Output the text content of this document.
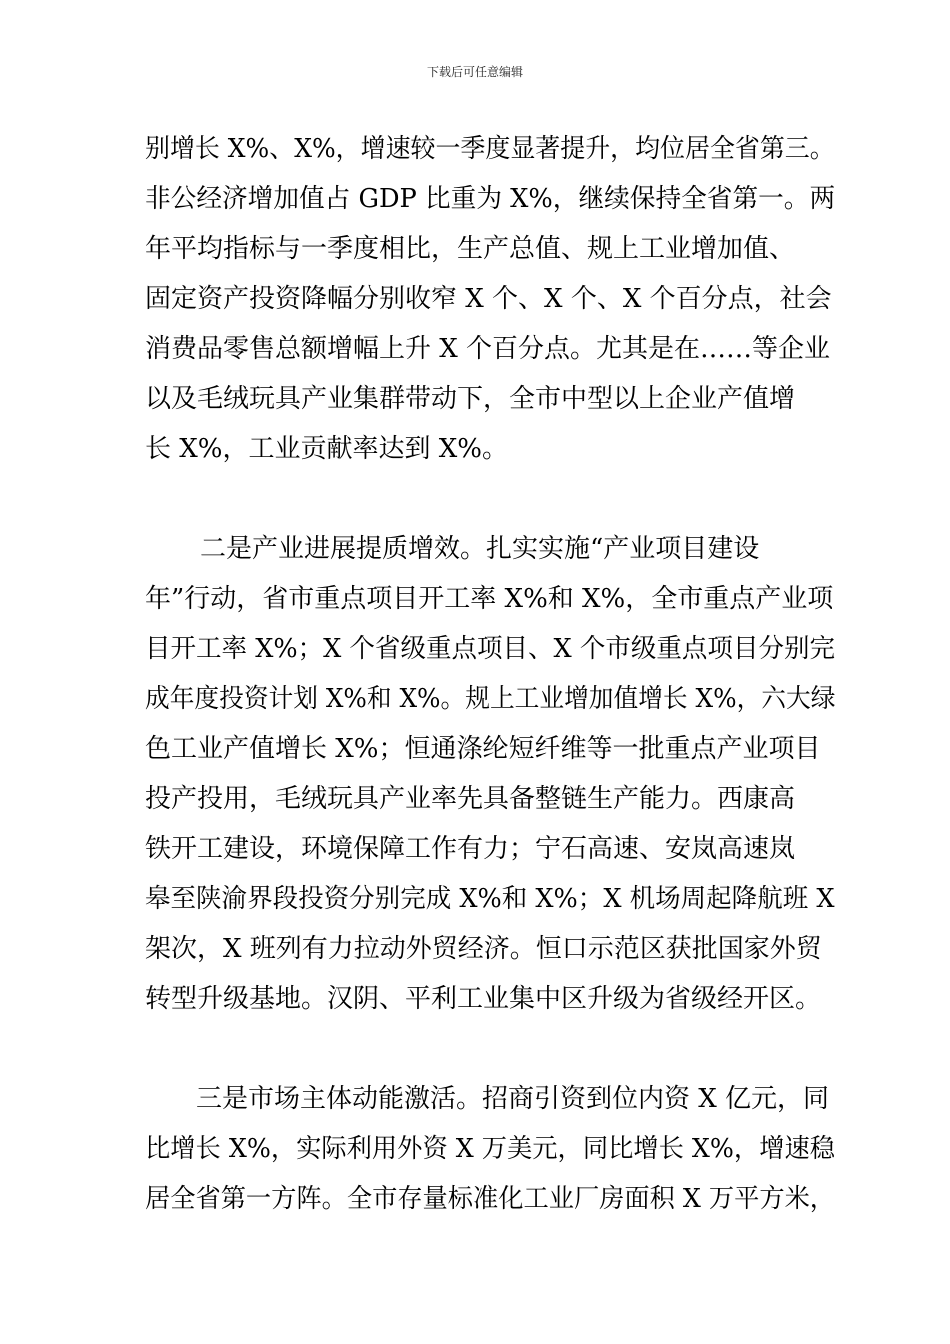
下载后可任意编辑
别增长 X%、X%，增速较一季度显著提升，均位居全省第三。
非公经济增加值占 GDP 比重为 X%，继续保持全省第一。两
年平均指标与一季度相比，生产总值、规上工业增加值、
固定资产投资降幅分别收窄 X 个、X 个、X 个百分点，社会
消费品零售总额增幅上升 X 个百分点。尤其是在……等企业
以及毛绒玩具产业集群带动下，全市中型以上企业产值增
长 X%，工业贡献率达到 X%。
二是产业进展提质增效。扎实实施“产业项目建设
年”行动，省市重点项目开工率 X%和 X%，全市重点产业项
目开工率 X%；X 个省级重点项目、X 个市级重点项目分别完
成年度投资计划 X%和 X%。规上工业增加值增长 X%，六大绿
色工业产值增长 X%；恒通涤纶短纤维等一批重点产业项目
投产投用，毛绒玩具产业率先具备整链生产能力。西康高
铁开工建设，环境保障工作有力；宁石高速、安岚高速岚
皋至陕渝界段投资分别完成 X%和 X%；X 机场周起降航班 X
架次，X 班列有力拉动外贸经济。恒口示范区获批国家外贸
转型升级基地。汉阴、平利工业集中区升级为省级经开区。
三是市场主体动能激活。招商引资到位内资 X 亿元，同
比增长 X%，实际利用外资 X 万美元，同比增长 X%，增速稳
居全省第一方阵。全市存量标准化工业厂房面积 X 万平方米，
